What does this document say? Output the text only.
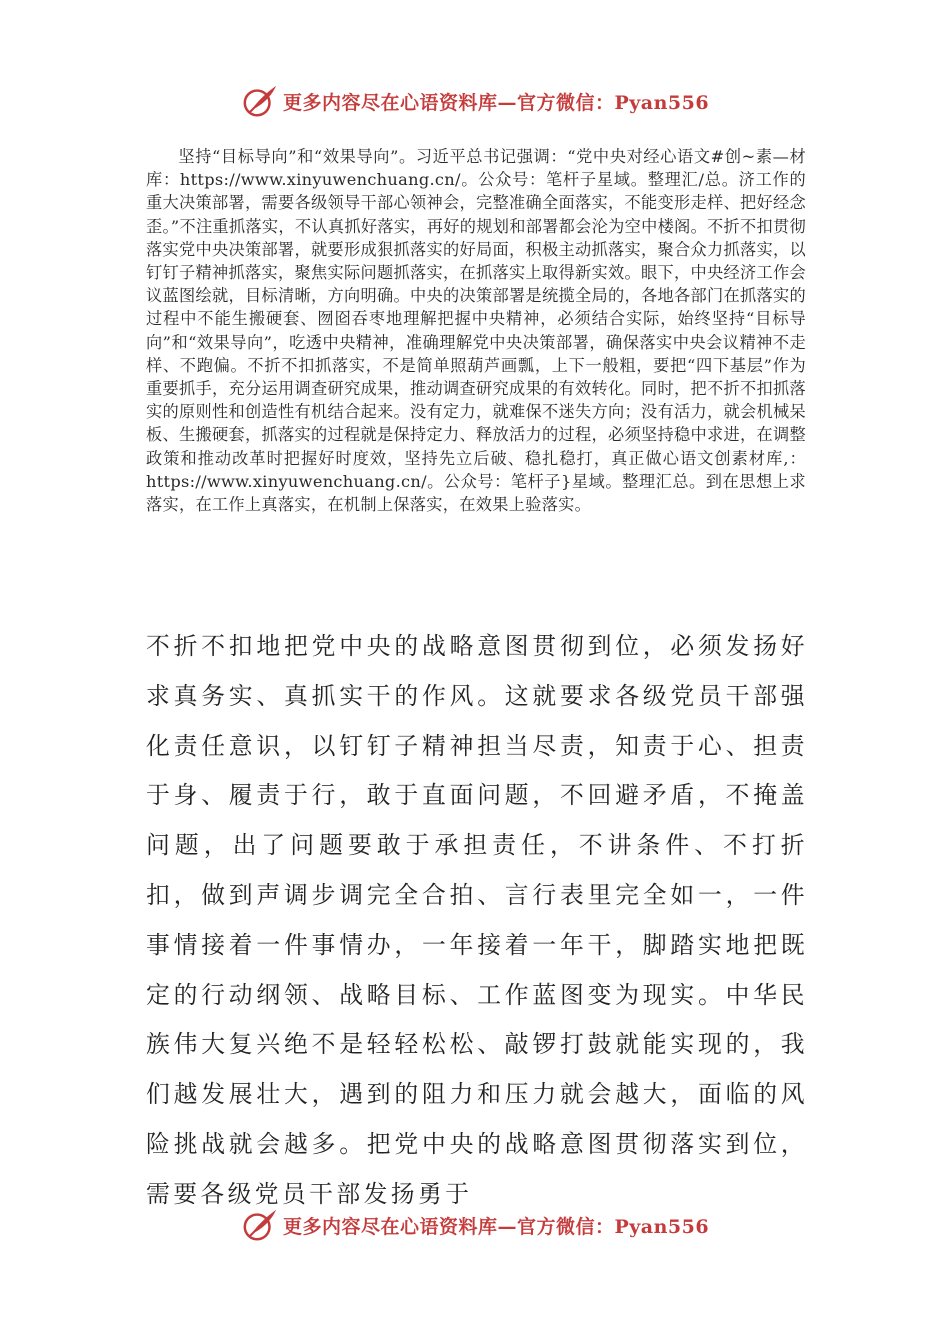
更多内容尽在心语资料库—官方微信：Pyan556
坚持“目标导向”和“效果导向”。习近平总书记强调：“党中央对经心语文#创~素—材库：https://www.xinyuwenchuang.cn/。公众号：笔杆子星域。整理汇/总。济工作的重大决策部署，需要各级领导干部心领神会，完整准确全面落实，不能变形走样、把好经念歪。”不注重抓落实，不认真抓好落实，再好的规划和部署都会沦为空中楼阁。不折不扣贯彻落实党中央决策部署，就要形成狠抓落实的好局面，积极主动抓落实，聚合众力抓落实，以钉钉子精神抓落实，聚焦实际问题抓落实，在抓落实上取得新实效。眼下，中央经济工作会议蓝图绘就，目标清晰，方向明确。中央的决策部署是统揽全局的，各地各部门在抓落实的过程中不能生搬硬套、囫囵吞枣地理解把握中央精神，必须结合实际，始终坚持“目标导向”和“效果导向”，吃透中央精神，准确理解党中央决策部署，确保落实中央会议精神不走样、不跑偏。不折不扣抓落实，不是简单照葫芦画瓢，上下一般粗，要把“四下基层”作为重要抓手，充分运用调查研究成果，推动调查研究成果的有效转化。同时，把不折不扣抓落实的原则性和创造性有机结合起来。没有定力，就难保不迷失方向；没有活力，就会机械呆板、生搬硬套，抓落实的过程就是保持定力、释放活力的过程，必须坚持稳中求进，在调整政策和推动改革时把握好时度效，坚持先立后破、稳扎稳打，真正做心语文创素材库,：https://www.xinyuwenchuang.cn/。公众号：笔杆子}星域。整理汇总。到在思想上求落实，在工作上真落实，在机制上保落实，在效果上验落实。
不折不扣地把党中央的战略意图贯彻到位，必须发扬好求真务实、真抓实干的作风。这就要求各级党员干部强化责任意识，以钉钉子精神担当尽责，知责于心、担责于身、履责于行，敢于直面问题，不回避矛盾，不掩盖问题，出了问题要敢于承担责任，不讲条件、不打折扣，做到声调步调完全合拍、言行表里完全如一，一件事情接着一件事情办，一年接着一年干，脚踏实地把既定的行动纲领、战略目标、工作蓝图变为现实。中华民族伟大复兴绝不是轻轻松松、敲锣打鼓就能实现的，我们越发展壮大，遇到的阻力和压力就会越大，面临的风险挑战就会越多。把党中央的战略意图贯彻落实到位，需要各级党员干部发扬勇于
更多内容尽在心语资料库—官方微信：Pyan556
